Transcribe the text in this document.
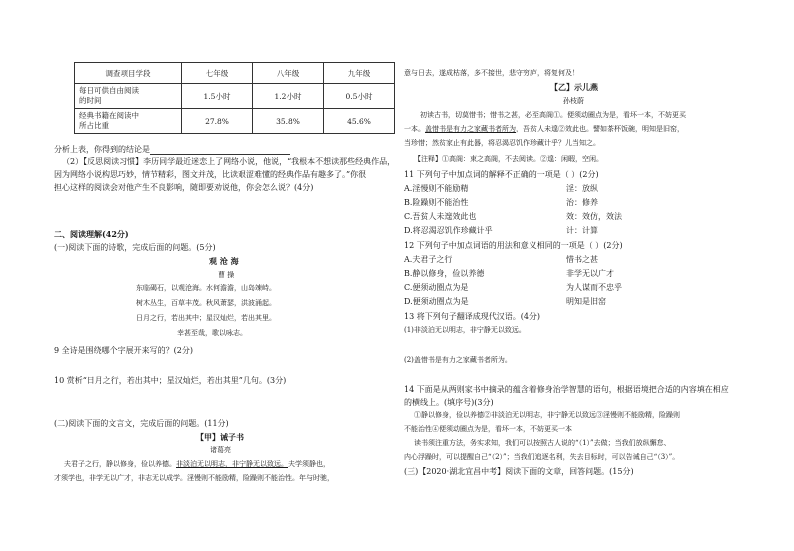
调查项目学段	七年级	八年级	九年级
每日可供自由阅读
的时间	1.5小时	1.2小时	0.5小时
经典书籍在阅读中
所占比重	27.8%	35.8%	45.6%
分析上表，你得到的结论是
（2）【反思阅读习惯】李历同学最近迷恋上了网络小说，他说，“我根本不想读那些经典作品，
因为网络小说构思巧妙，情节精彩，图文并茂，比读艰涩难懂的经典作品有趣多了。”你很
担心这样的阅读会对他产生不良影响，随即要劝说他，你会怎么说？(4分)
二、阅读理解(42分)
(一)阅读下面的诗歌，完成后面的问题。(5分)
观 沧 海
曹 操
东临碣石，以观沧海。水何澹澹，山岛竦峙。
树木丛生，百草丰茂。秋风萧瑟，洪波涌起。
日月之行，若出其中；星汉灿烂，若出其里。
幸甚至哉，歌以咏志。
9 全诗是围绕哪个字展开来写的？(2分)
10 赏析“日月之行，若出其中；星汉灿烂，若出其里”几句。(3分)
(二)阅读下面的文言文，完成后面的问题。(11分)
【甲】诫子书
诸葛亮
夫君子之行，静以修身，俭以养德。非淡泊无以明志，非宁静无以致远。夫学须静也，
才须学也，非学无以广才，非志无以成学。淫慢则不能励精，险躁则不能治性。年与时驰，
意与日去，遂成枯落，多不接世，悲守穷庐，将复何及！
【乙】示儿燕
孙枝蔚
初读古书，切莫惜书；惜书之甚，必至高阁①。便须动圈点为是，看坏一本，不妨更买
一本。盖惜书是有力之家藏书者所为，吾贫人未遑②效此也。譬如茶杯饭碗，明知是旧窑，
当珍惜；然贫家止有此器，将忍渴忍饥作珍藏计乎？儿当知之。
【注释】①高阁：束之高阁，不去阅读。②遑：闲暇，空闲。
11 下列句子中加点词的解释不正确的一项是（ ）(2分)
A.淫慢则不能励精	淫：放纵
B.险躁则不能治性	治：修养
C.吾贫人未遑效此也	效：效仿，效法
D.将忍渴忍饥作珍藏计乎	计：计算
12 下列句子中加点词语的用法和意义相同的一项是（ ）(2分)
A.夫君子之行	惜书之甚
B.静以修身，俭以养德	非学无以广才
C.便须动圈点为是	为人谋而不忠乎
D.便须动圈点为是	明知是旧窑
13 将下列句子翻译成现代汉语。(4分)
(1)非淡泊无以明志，非宁静无以致远。
(2)盖惜书是有力之家藏书者所为。
14 下面是从两则家书中摘录的蕴含着修身治学智慧的语句，根据语境把合适的内容填在相应
的横线上。(填序号)(3分)
①静以修身，俭以养德②非淡泊无以明志，非宁静无以致远③淫慢则不能励精，险躁则
不能治性④便须动圈点为是，看坏一本，不妨更买一本
读书须注重方法，务实求知，我们可以按照古人说的“（1）”去做；当我们放纵懈怠、
内心浮躁时，可以提醒自己“（2）”；当我们追逐名利，失去目标时，可以告诫自己“（3）”。
(三)【2020·湖北宜昌中考】阅读下面的文章，回答问题。(15分)
